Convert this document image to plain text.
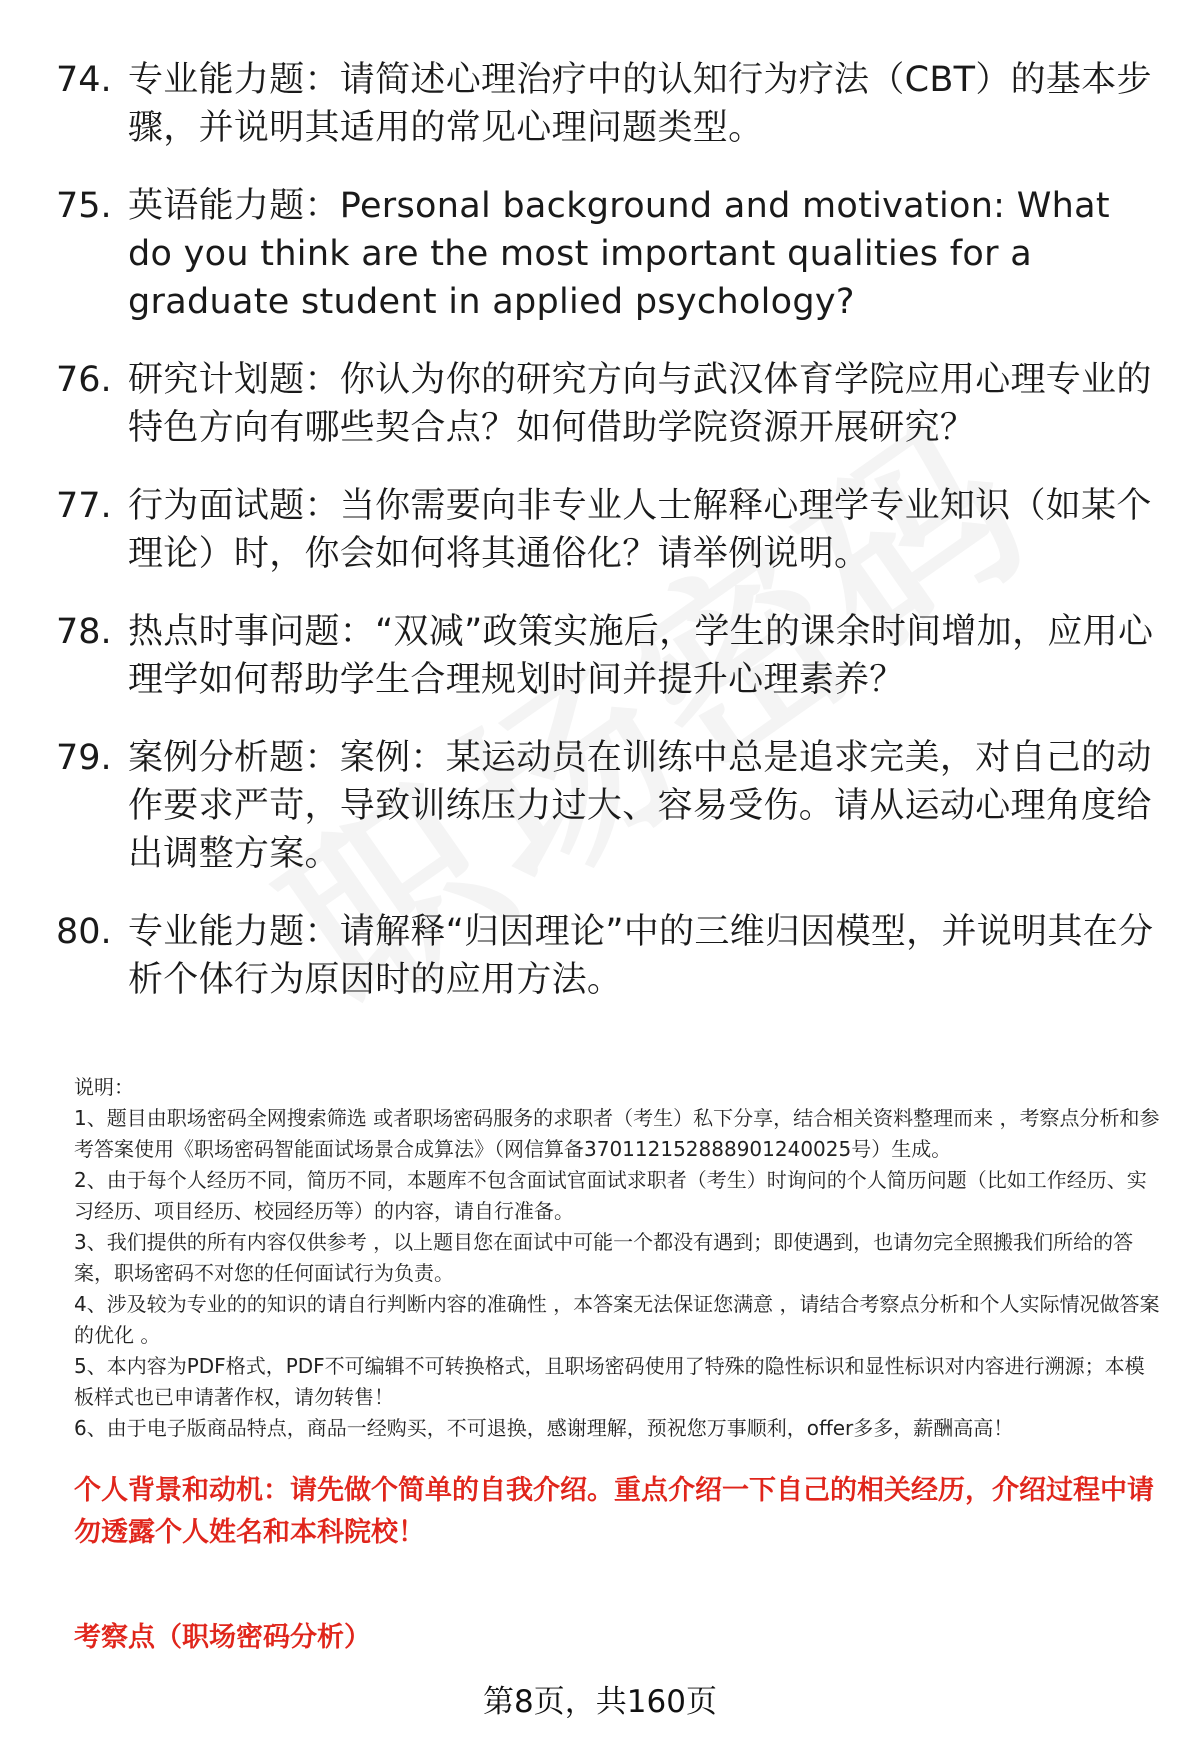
74. 专业能力题：请简述心理治疗中的认知行为疗法（CBT）的基本步骤，并说明其适用的常见心理问题类型。
75. 英语能力题：Personal background and motivation: What do you think are the most important qualities for a graduate student in applied psychology?
76. 研究计划题：你认为你的研究方向与武汉体育学院应用心理专业的特色方向有哪些契合点？如何借助学院资源开展研究？
77. 行为面试题：当你需要向非专业人士解释心理学专业知识（如某个理论）时，你会如何将其通俗化？请举例说明。
78. 热点时事问题：“双减”政策实施后，学生的课余时间增加，应用心理学如何帮助学生合理规划时间并提升心理素养？
79. 案例分析题：案例：某运动员在训练中总是追求完美，对自己的动作要求严苛，导致训练压力过大、容易受伤。请从运动心理角度给出调整方案。
80. 专业能力题：请解释“归因理论”中的三维归因模型，并说明其在分析个体行为原因时的应用方法。
说明：
1、题目由职场密码全网搜索筛选 或者职场密码服务的求职者（考生）私下分享，结合相关资料整理而来 ，考察点分析和参考答案使用《职场密码智能面试场景合成算法》（网信算备370112152888901240025号）生成。
2、由于每个人经历不同，简历不同，本题库不包含面试官面试求职者（考生）时询问的个人简历问题（比如工作经历、实习经历、项目经历、校园经历等）的内容，请自行准备。
3、我们提供的所有内容仅供参考 ，以上题目您在面试中可能一个都没有遇到；即使遇到，也请勿完全照搬我们所给的答案，职场密码不对您的任何面试行为负责。
4、涉及较为专业的的知识的请自行判断内容的准确性 ，本答案无法保证您满意 ，请结合考察点分析和个人实际情况做答案的优化 。
5、本内容为PDF格式，PDF不可编辑不可转换格式，且职场密码使用了特殊的隐性标识和显性标识对内容进行溯源；本模板样式也已申请著作权，请勿转售！
6、由于电子版商品特点，商品一经购买，不可退换，感谢理解，预祝您万事顺利，offer多多，薪酬高高！
个人背景和动机：请先做个简单的自我介绍。重点介绍一下自己的相关经历，介绍过程中请勿透露个人姓名和本科院校！
考察点（职场密码分析）
第8页，共160页
